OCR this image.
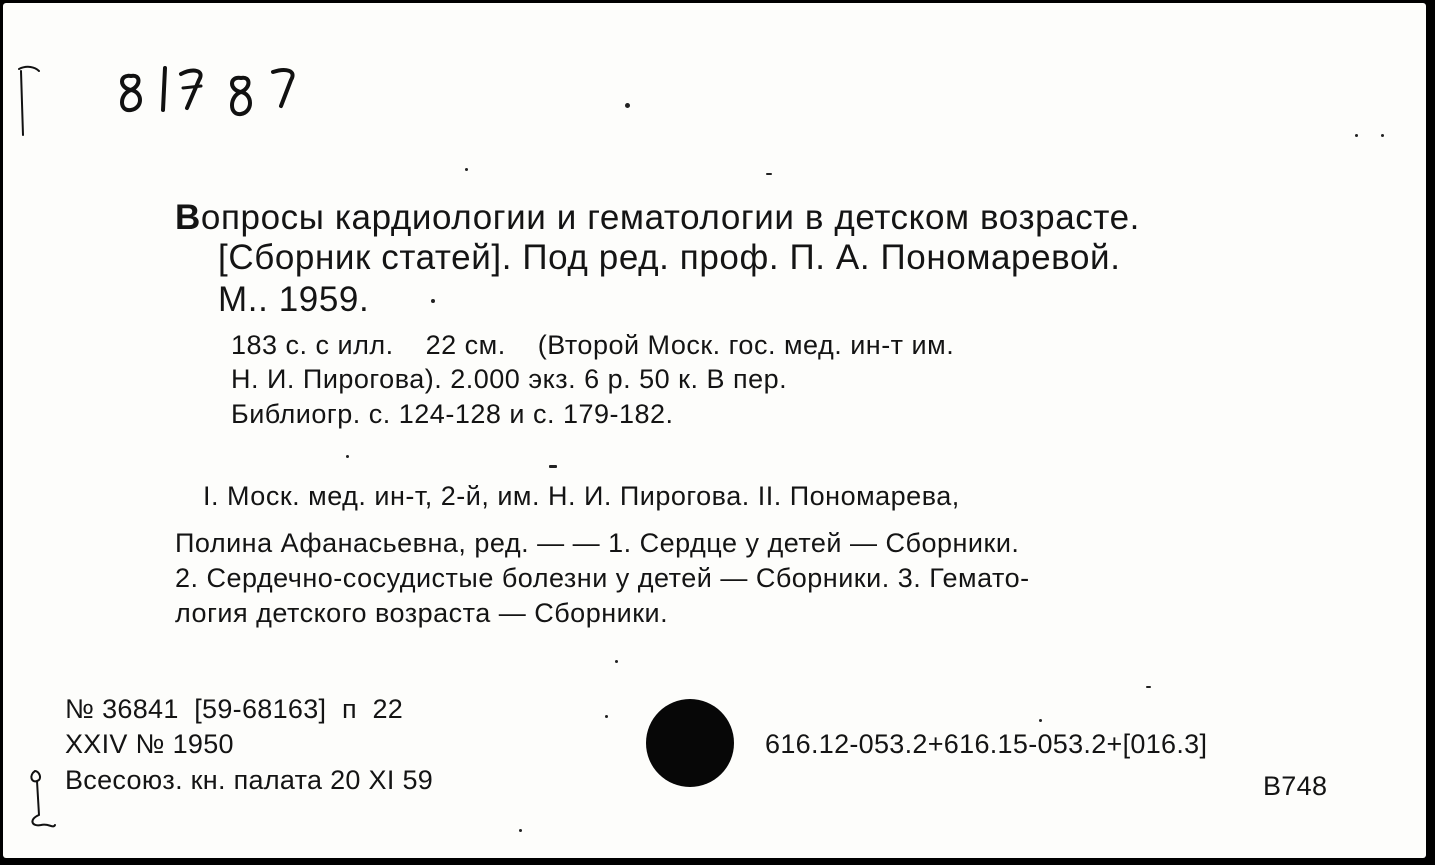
Вопросы кардиологии и гематологии в детском возрасте.
[Сборник статей]. Под ред. проф. П. А. Пономаревой.
М.. 1959.
183 с. с илл.    22 см.    (Второй Моск. гос. мед. ин-т им.
Н. И. Пирогова). 2.000 экз. 6 р. 50 к. В пер.
Библиогр. с. 124-128 и с. 179-182.
I. Моск. мед. ин-т, 2-й, им. Н. И. Пирогова. II. Пономарева,
Полина Афанасьевна, ред. — — 1. Сердце у детей — Сборники.
2. Сердечно-сосудистые болезни у детей — Сборники. 3. Гемато-
логия детского возраста — Сборники.
№ 36841  [59-68163]  п  22
XXIV № 1950
Всесоюз. кн. палата 20 XI 59
616.12-053.2+616.15-053.2+[016.3]
В748
